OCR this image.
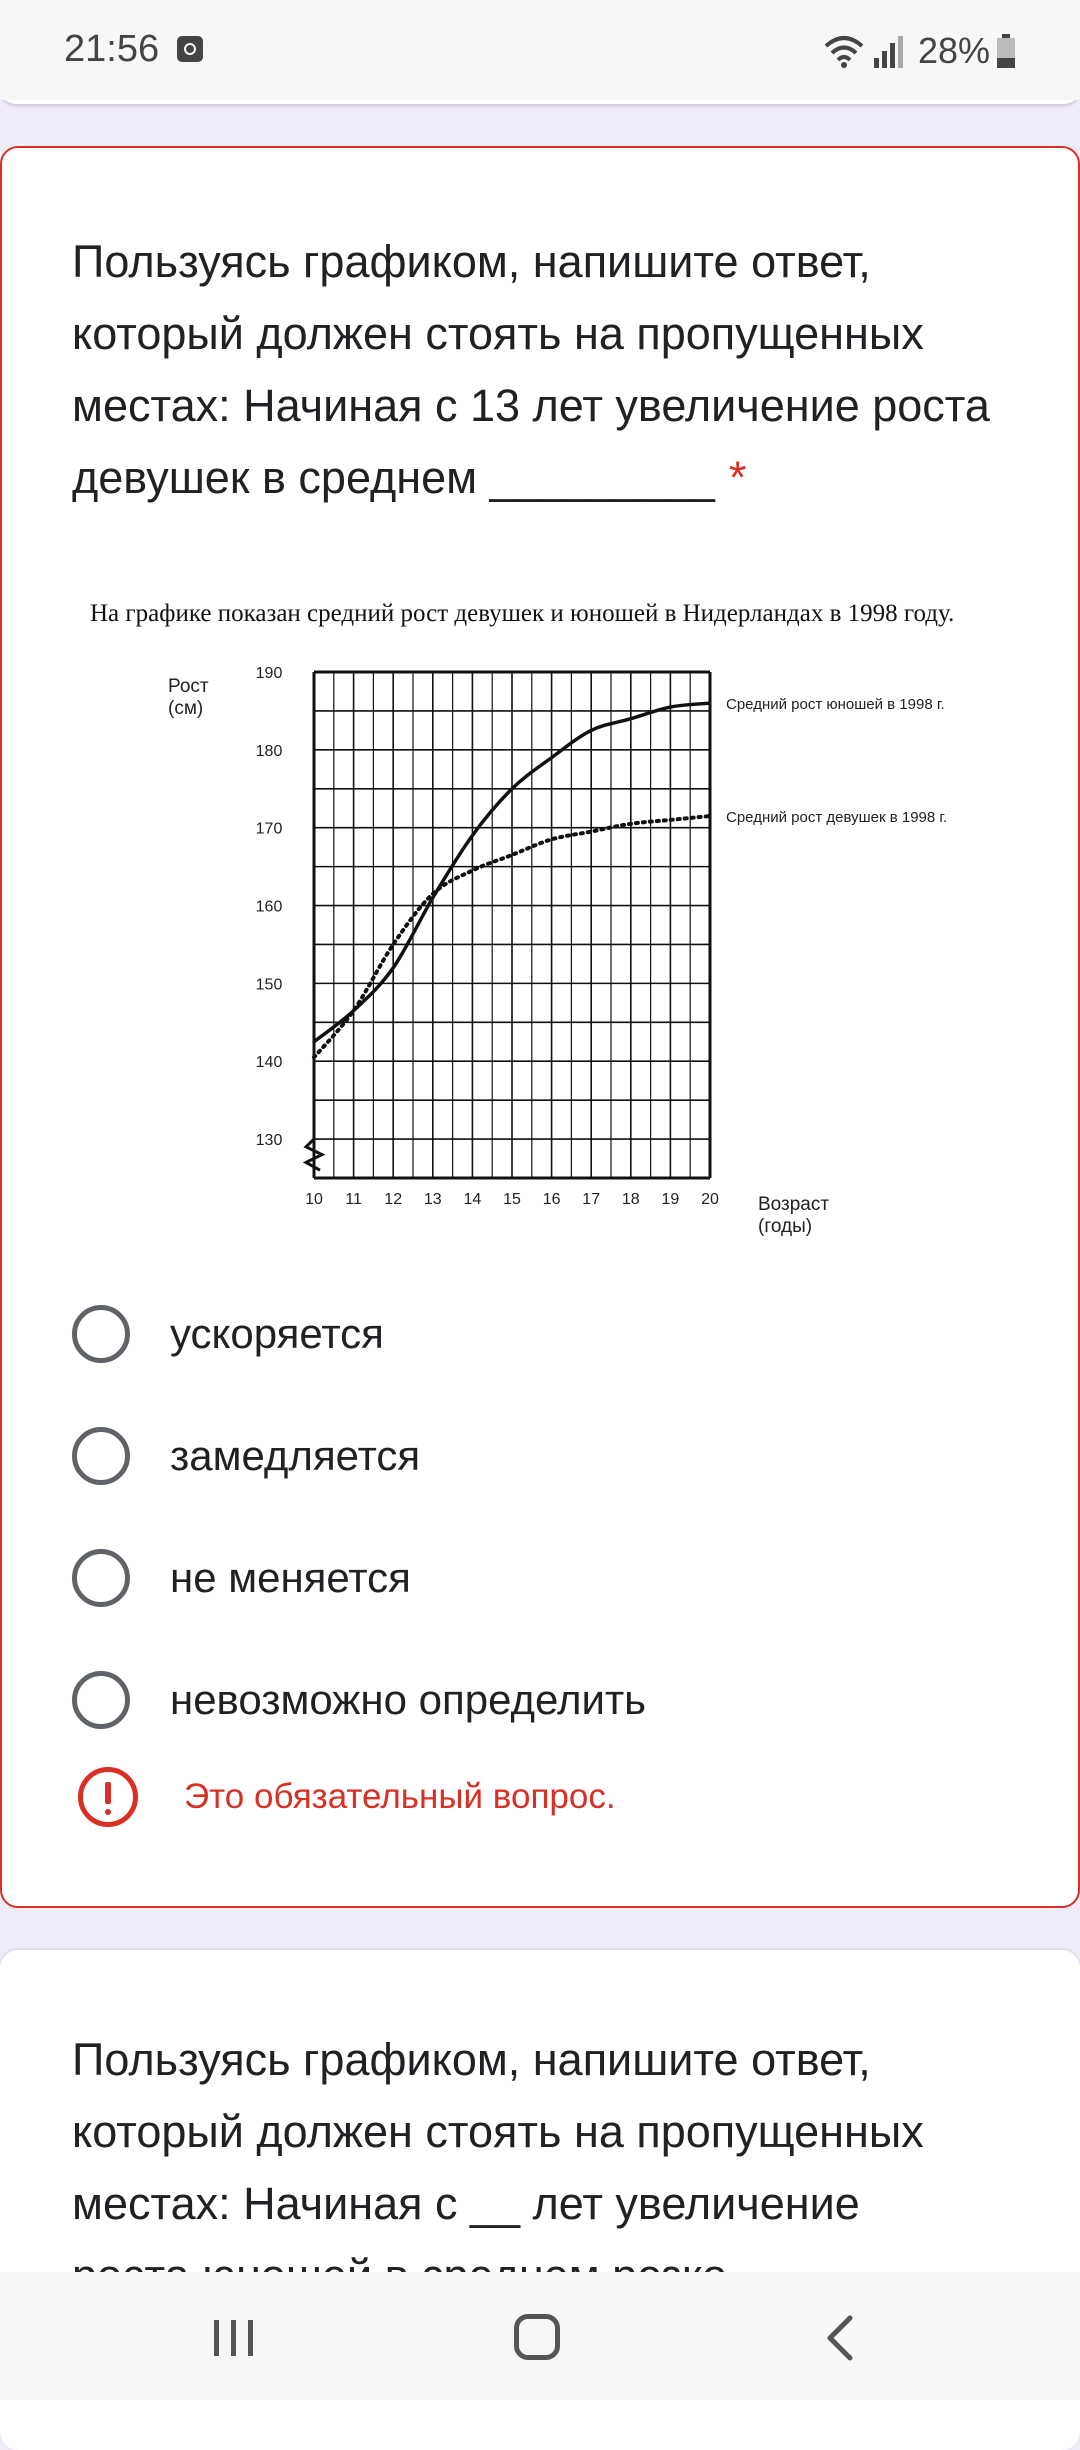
21:56	28%
Пользуясь графиком, напишите ответ, который должен стоять на пропущенных местах: Начиная с 13 лет увеличение роста девушек в среднем _________ *
На графике показан средний рост девушек и юношей в Нидерландах в 1998 году.
130
140
150
160
170
180
190
10 11 12 13 14 15 16 17 18 19 20
Рост
(см)
Возраст
(годы)
Средний рост юношей в 1998 г.
Средний рост девушек в 1998 г.
ускоряется
замедляется
не меняется
невозможно определить
Это обязательный вопрос.
Пользуясь графиком, напишите ответ,
который должен стоять на пропущенных
местах: Начиная с __ лет увеличение
